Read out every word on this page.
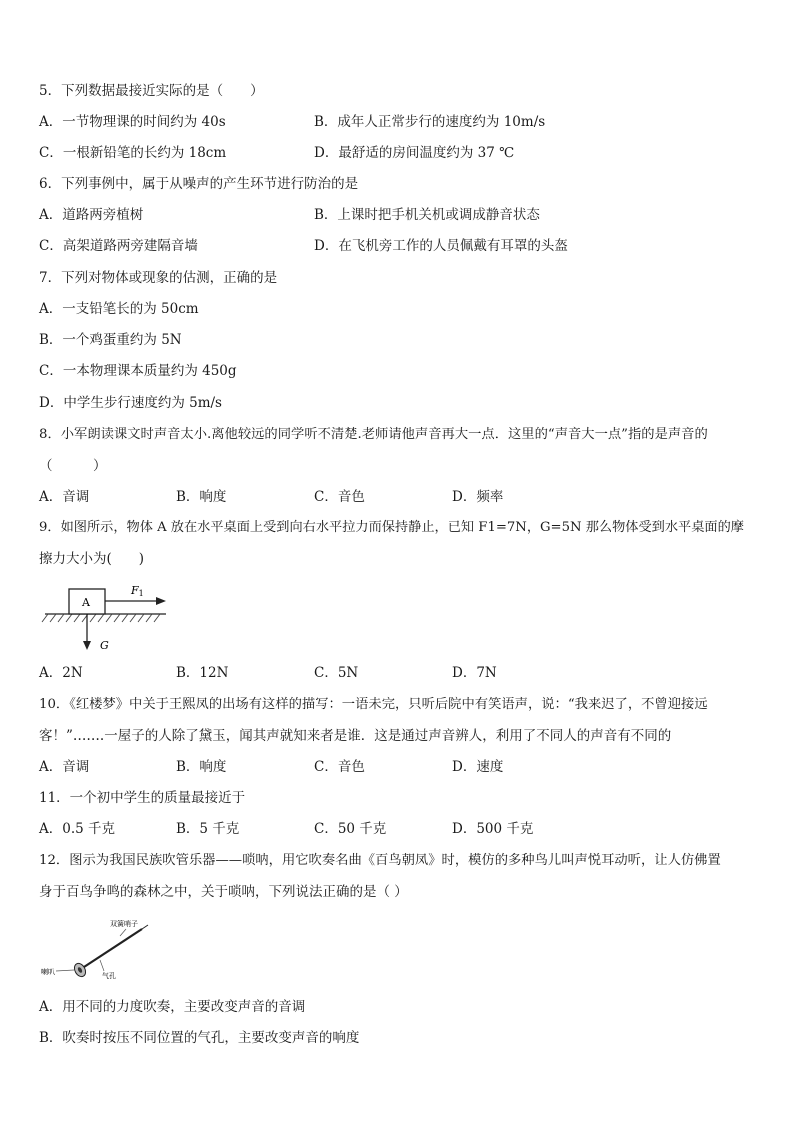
5．下列数据最接近实际的是（　　）
A．一节物理课的时间约为 40s	B．成年人正常步行的速度约为 10m/s
C．一根新铅笔的长约为 18cm	D．最舒适的房间温度约为 37 ℃
6．下列事例中，属于从噪声的产生环节进行防治的是
A．道路两旁植树	B．上课时把手机关机或调成静音状态
C．高架道路两旁建隔音墙	D．在飞机旁工作的人员佩戴有耳罩的头盔
7．下列对物体或现象的估测，正确的是
A．一支铅笔长的为 50cm
B．一个鸡蛋重约为 5N
C．一本物理课本质量约为 450g
D．中学生步行速度约为 5m/s
8．小军朗读课文时声音太小.离他较远的同学听不清楚.老师请他声音再大一点．这里的“声音大一点”指的是声音的
（　　　）
A．音调	B．响度	C．音色	D．频率
9．如图所示，物体 A 放在水平桌面上受到向右水平拉力而保持静止，已知 F1=7N，G=5N 那么物体受到水平桌面的摩
擦力大小为(　　)
A
F1
G
A．2N	B．12N	C．5N	D．7N
10．《红楼梦》中关于王熙凤的出场有这样的描写：一语未完，只听后院中有笑语声，说：“我来迟了，不曾迎接远
客！”…….一屋子的人除了黛玉，闻其声就知来者是谁．这是通过声音辨人，利用了不同人的声音有不同的
A．音调	B．响度	C．音色	D．速度
11．一个初中学生的质量最接近于
A．0.5 千克	B．5 千克	C．50 千克	D．500 千克
12．图示为我国民族吹管乐器——唢呐，用它吹奏名曲《百鸟朝凤》时，模仿的多种鸟儿叫声悦耳动听，让人仿佛置
身于百鸟争鸣的森林之中，关于唢呐，下列说法正确的是（ ）
双簧哨子
喇叭	气孔
A．用不同的力度吹奏，主要改变声音的音调
B．吹奏时按压不同位置的气孔，主要改变声音的响度
